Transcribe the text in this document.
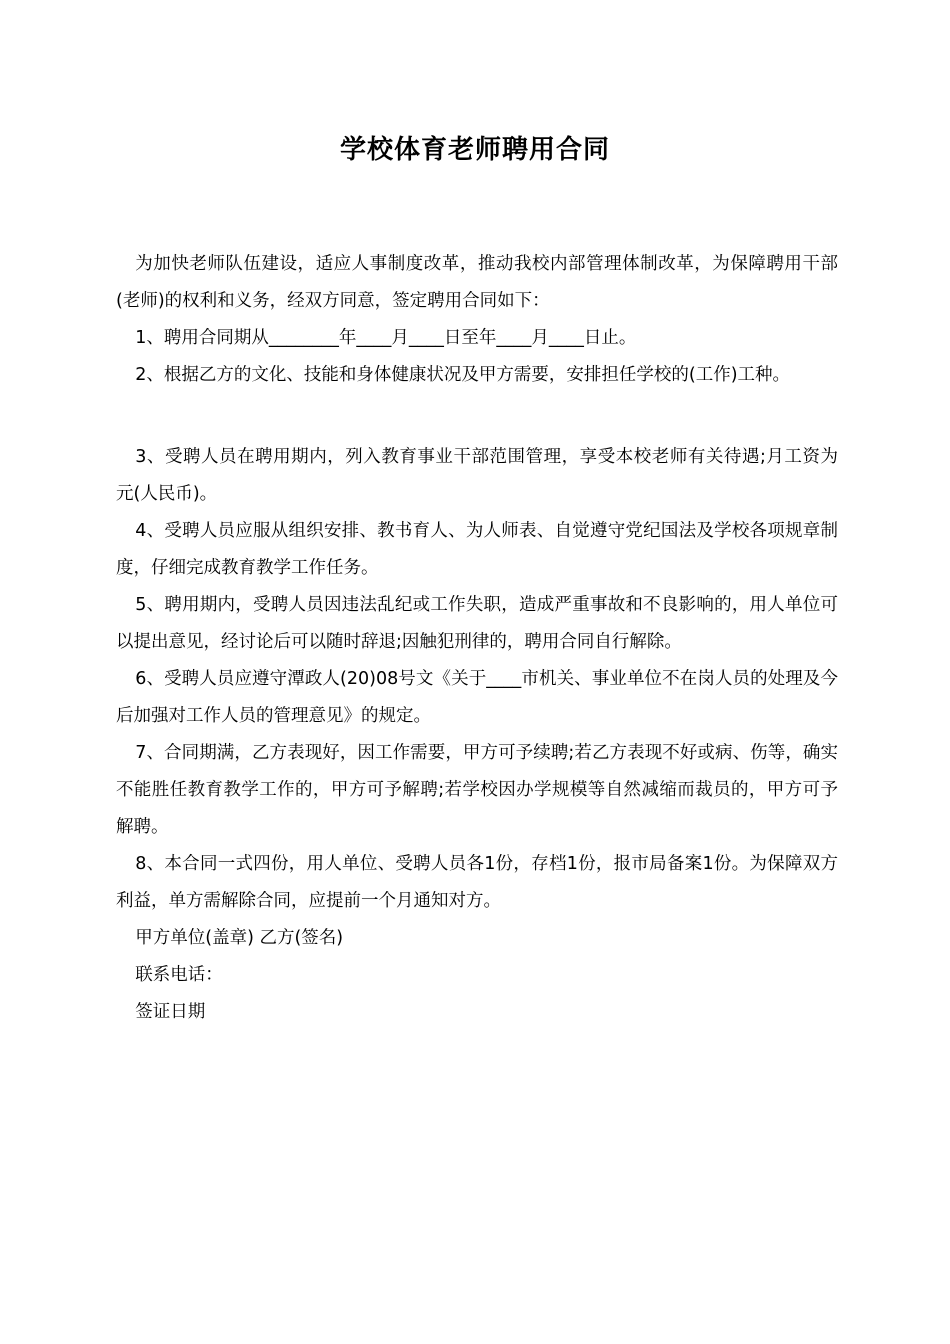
学校体育老师聘用合同

为加快老师队伍建设，适应人事制度改革，推动我校内部管理体制改革，为保障聘用干部(老师)的权利和义务，经双方同意，签定聘用合同如下：

1、聘用合同期从________年____月____日至年____月____日止。

2、根据乙方的文化、技能和身体健康状况及甲方需要，安排担任学校的(工作)工种。

3、受聘人员在聘用期内，列入教育事业干部范围管理，享受本校老师有关待遇;月工资为 元(人民币)。

4、受聘人员应服从组织安排、教书育人、为人师表、自觉遵守党纪国法及学校各项规章制度，仔细完成教育教学工作任务。

5、聘用期内，受聘人员因违法乱纪或工作失职，造成严重事故和不良影响的，用人单位可以提出意见，经讨论后可以随时辞退;因触犯刑律的，聘用合同自行解除。

6、受聘人员应遵守潭政人(20)08号文《关于____市机关、事业单位不在岗人员的处理及今后加强对工作人员的管理意见》的规定。

7、合同期满，乙方表现好，因工作需要，甲方可予续聘;若乙方表现不好或病、伤等，确实不能胜任教育教学工作的，甲方可予解聘;若学校因办学规模等自然减缩而裁员的，甲方可予解聘。

8、本合同一式四份，用人单位、受聘人员各1份，存档1份，报市局备案1份。为保障双方利益，单方需解除合同，应提前一个月通知对方。

甲方单位(盖章) 乙方(签名)

联系电话：

签证日期
